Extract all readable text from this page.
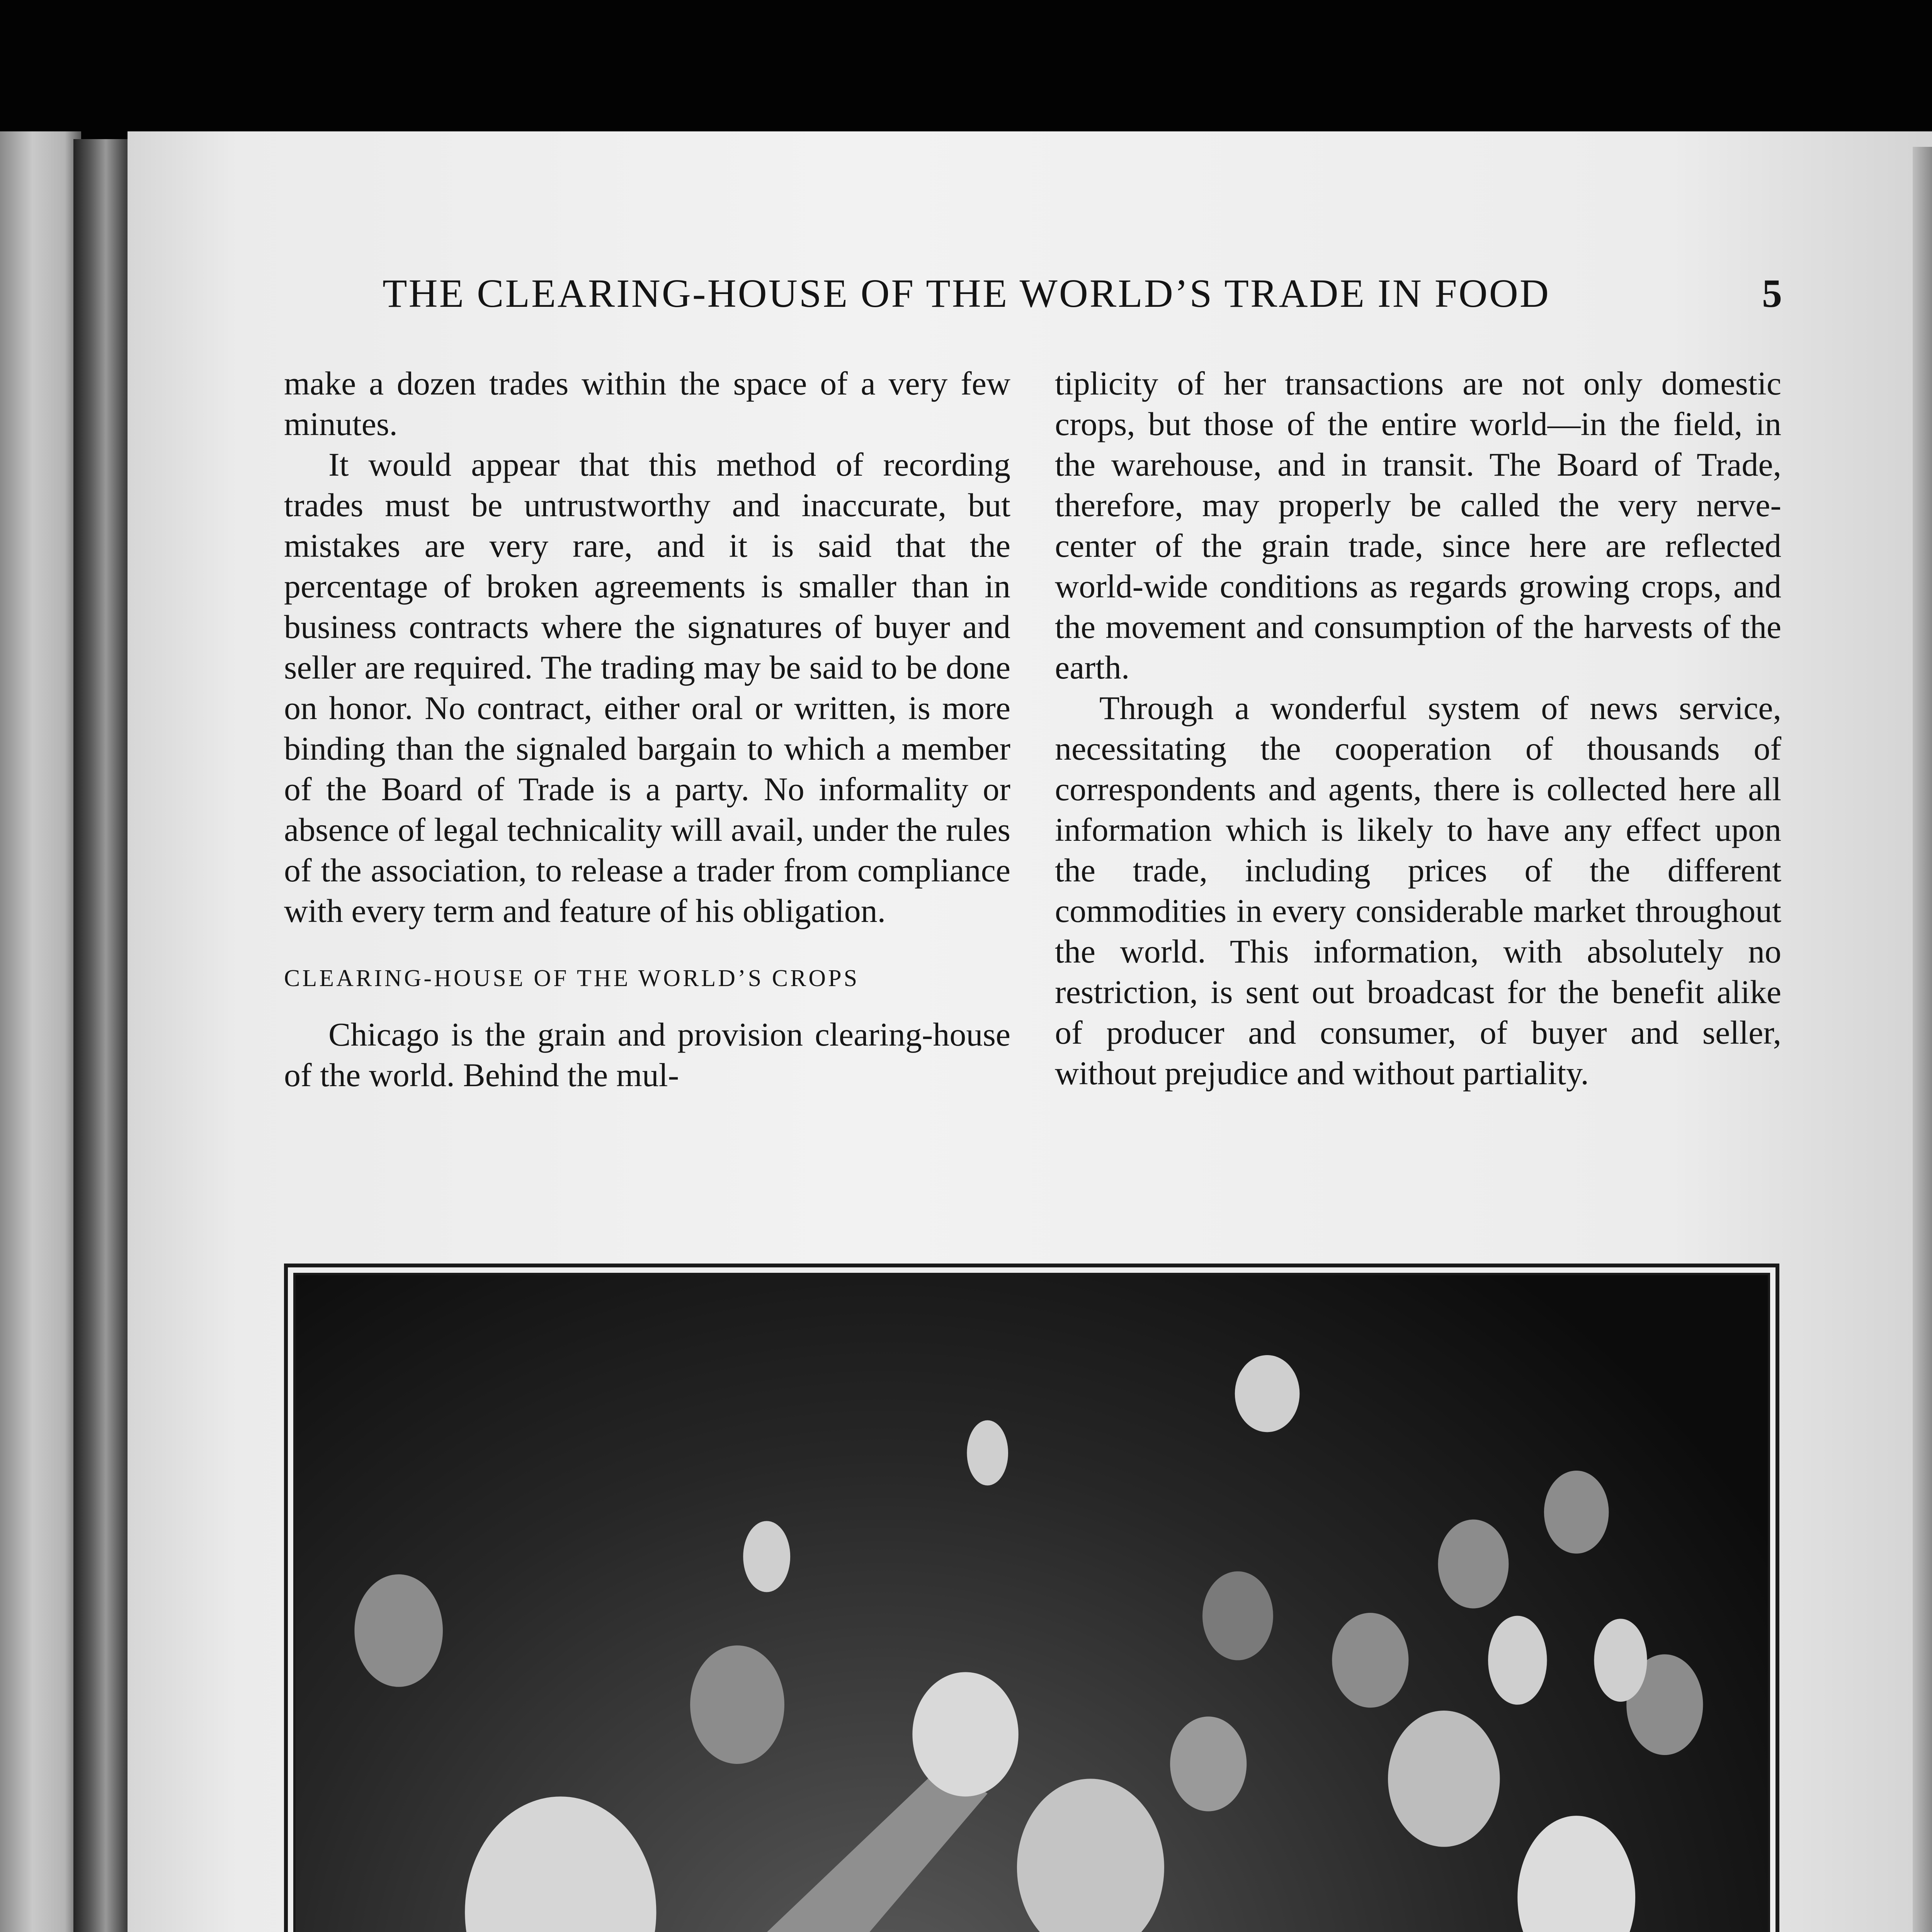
THE CLEARING-HOUSE OF THE WORLD’S TRADE IN FOOD	5

make a dozen trades within the space of a very few minutes.

It would appear that this method of recording trades must be untrustworthy and inaccurate, but mistakes are very rare, and it is said that the percentage of broken agreements is smaller than in business contracts where the signatures of buyer and seller are required. The trading may be said to be done on honor. No contract, either oral or written, is more binding than the signaled bargain to which a member of the Board of Trade is a party. No informality or absence of legal technicality will avail, under the rules of the association, to release a trader from compliance with every term and feature of his obligation.

CLEARING-HOUSE OF THE WORLD’S CROPS

Chicago is the grain and provision clearing-house of the world. Behind the mul-

tiplicity of her transactions are not only domestic crops, but those of the entire world—in the field, in the warehouse, and in transit. The Board of Trade, therefore, may properly be called the very nerve-center of the grain trade, since here are reflected world-wide conditions as regards growing crops, and the movement and consumption of the harvests of the earth.

Through a wonderful system of news service, necessitating the cooperation of thousands of correspondents and agents, there is collected here all information which is likely to have any effect upon the trade, including prices of the different commodities in every considerable market throughout the world. This information, with absolutely no restriction, is sent out broadcast for the benefit alike of producer and consumer, of buyer and seller, without prejudice and without partiality.
